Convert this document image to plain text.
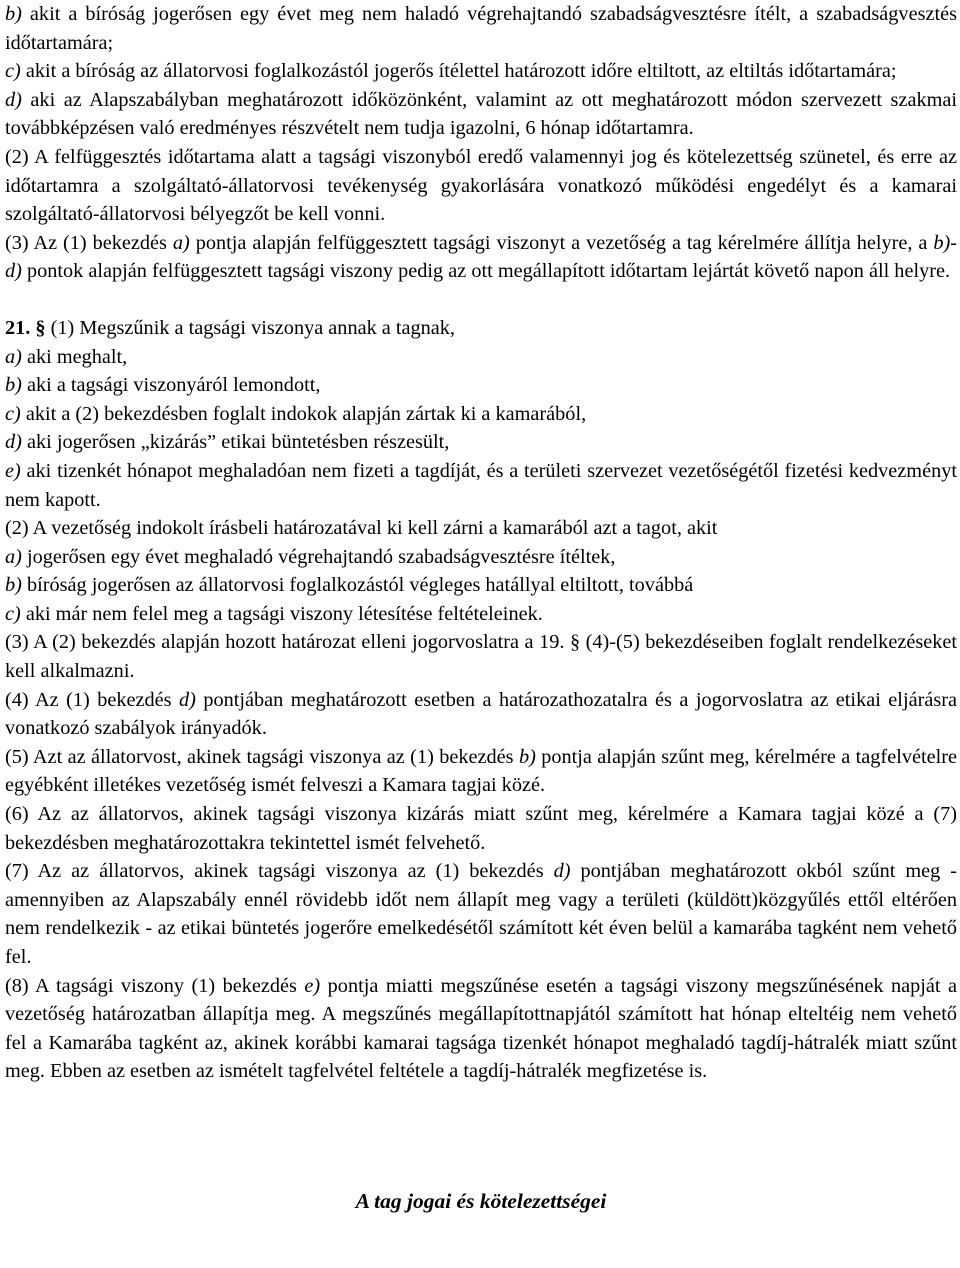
b) akit a bíróság jogerősen egy évet meg nem haladó végrehajtandó szabadságvesztésre ítélt, a szabadságvesztés időtartamára;

c) akit a bíróság az állatorvosi foglalkozástól jogerős ítélettel határozott időre eltiltott, az eltiltás időtartamára;

d) aki az Alapszabályban meghatározott időközönként, valamint az ott meghatározott módon szervezett szakmai továbbképzésen való eredményes részvételt nem tudja igazolni, 6 hónap időtartamra.

(2) A felfüggesztés időtartama alatt a tagsági viszonyból eredő valamennyi jog és kötelezettség szünetel, és erre az időtartamra a szolgáltató-állatorvosi tevékenység gyakorlására vonatkozó működési engedélyt és a kamarai szolgáltató-állatorvosi bélyegzőt be kell vonni.

(3) Az (1) bekezdés a) pontja alapján felfüggesztett tagsági viszonyt a vezetőség a tag kérelmére állítja helyre, a b)-d) pontok alapján felfüggesztett tagsági viszony pedig az ott megállapított időtartam lejártát követő napon áll helyre.

21. § (1) Megszűnik a tagsági viszonya annak a tagnak,

a) aki meghalt,

b) aki a tagsági viszonyáról lemondott,

c) akit a (2) bekezdésben foglalt indokok alapján zártak ki a kamarából,

d) aki jogerősen „kizárás” etikai büntetésben részesült,

e) aki tizenkét hónapot meghaladóan nem fizeti a tagdíját, és a területi szervezet vezetőségétől fizetési kedvezményt nem kapott.

(2) A vezetőség indokolt írásbeli határozatával ki kell zárni a kamarából azt a tagot, akit

a) jogerősen egy évet meghaladó végrehajtandó szabadságvesztésre ítéltek,

b) bíróság jogerősen az állatorvosi foglalkozástól végleges hatállyal eltiltott, továbbá

c) aki már nem felel meg a tagsági viszony létesítése feltételeinek.

(3) A (2) bekezdés alapján hozott határozat elleni jogorvoslatra a 19. § (4)-(5) bekezdéseiben foglalt rendelkezéseket kell alkalmazni.

(4) Az (1) bekezdés d) pontjában meghatározott esetben a határozathozatalra és a jogorvoslatra az etikai eljárásra vonatkozó szabályok irányadók.

(5) Azt az állatorvost, akinek tagsági viszonya az (1) bekezdés b) pontja alapján szűnt meg, kérelmére a tagfelvételre egyébként illetékes vezetőség ismét felveszi a Kamara tagjai közé.

(6) Az az állatorvos, akinek tagsági viszonya kizárás miatt szűnt meg, kérelmére a Kamara tagjai közé a (7) bekezdésben meghatározottakra tekintettel ismét felvehető.

(7) Az az állatorvos, akinek tagsági viszonya az (1) bekezdés d) pontjában meghatározott okból szűnt meg - amennyiben az Alapszabály ennél rövidebb időt nem állapít meg vagy a területi (küldött)közgyűlés ettől eltérően nem rendelkezik - az etikai büntetés jogerőre emelkedésétől számított két éven belül a kamarába tagként nem vehető fel.

(8) A tagsági viszony (1) bekezdés e) pontja miatti megszűnése esetén a tagsági viszony megszűnésének napját a vezetőség határozatban állapítja meg. A megszűnés megállapítottnapjától számított hat hónap elteltéig nem vehető fel a Kamarába tagként az, akinek korábbi kamarai tagsága tizenkét hónapot meghaladó tagdíj-hátralék miatt szűnt meg. Ebben az esetben az ismételt tagfelvétel feltétele a tagdíj-hátralék megfizetése is.

A tag jogai és kötelezettségei
